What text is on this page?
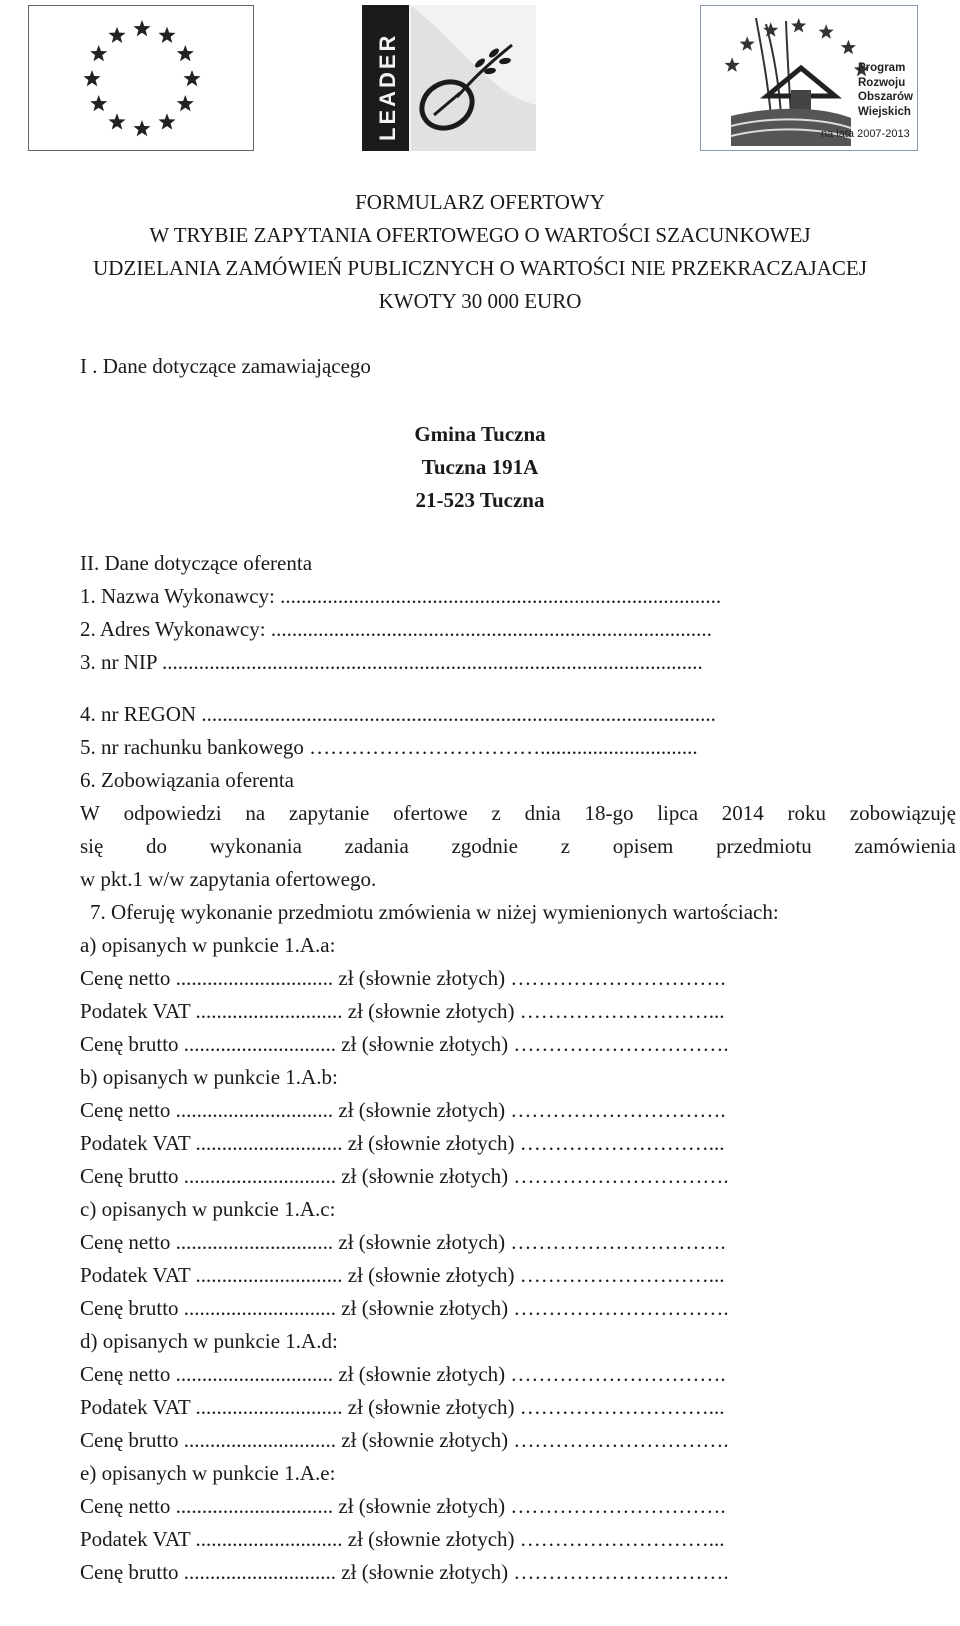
LEADER	Program
Rozwoju
Obszarów
Wiejskich
na lata 2007-2013
FORMULARZ OFERTOWY
W TRYBIE ZAPYTANIA OFERTOWEGO O WARTOŚCI SZACUNKOWEJ
UDZIELANIA ZAMÓWIEŃ PUBLICZNYCH O WARTOŚCI NIE PRZEKRACZAJACEJ
KWOTY 30 000 EURO
I . Dane dotyczące zamawiającego
Gmina Tuczna
Tuczna 191A
21-523 Tuczna
II. Dane dotyczące oferenta
1. Nazwa Wykonawcy: ....................................................................................
2. Adres Wykonawcy: ....................................................................................
3. nr NIP .......................................................................................................
4. nr REGON ..................................................................................................
5. nr rachunku bankowego ……………………………..............................
6. Zobowiązania oferenta
W odpowiedzi na zapytanie ofertowe z dnia 18-go lipca 2014 roku zobowiązuję
się do wykonania zadania zgodnie z opisem przedmiotu zamówienia
w pkt.1 w/w zapytania ofertowego.
7. Oferuję wykonanie przedmiotu zmówienia w niżej wymienionych wartościach:
a) opisanych w punkcie 1.A.a:
Cenę netto .............................. zł (słownie złotych) ………………………….
Podatek VAT ............................ zł (słownie złotych) ………………………...
Cenę brutto ............................. zł (słownie złotych) ………………………….
b) opisanych w punkcie 1.A.b:
Cenę netto .............................. zł (słownie złotych) ………………………….
Podatek VAT ............................ zł (słownie złotych) ………………………...
Cenę brutto ............................. zł (słownie złotych) ………………………….
c) opisanych w punkcie 1.A.c:
Cenę netto .............................. zł (słownie złotych) ………………………….
Podatek VAT ............................ zł (słownie złotych) ………………………...
Cenę brutto ............................. zł (słownie złotych) ………………………….
d) opisanych w punkcie 1.A.d:
Cenę netto .............................. zł (słownie złotych) ………………………….
Podatek VAT ............................ zł (słownie złotych) ………………………...
Cenę brutto ............................. zł (słownie złotych) ………………………….
e) opisanych w punkcie 1.A.e:
Cenę netto .............................. zł (słownie złotych) ………………………….
Podatek VAT ............................ zł (słownie złotych) ………………………...
Cenę brutto ............................. zł (słownie złotych) ………………………….
